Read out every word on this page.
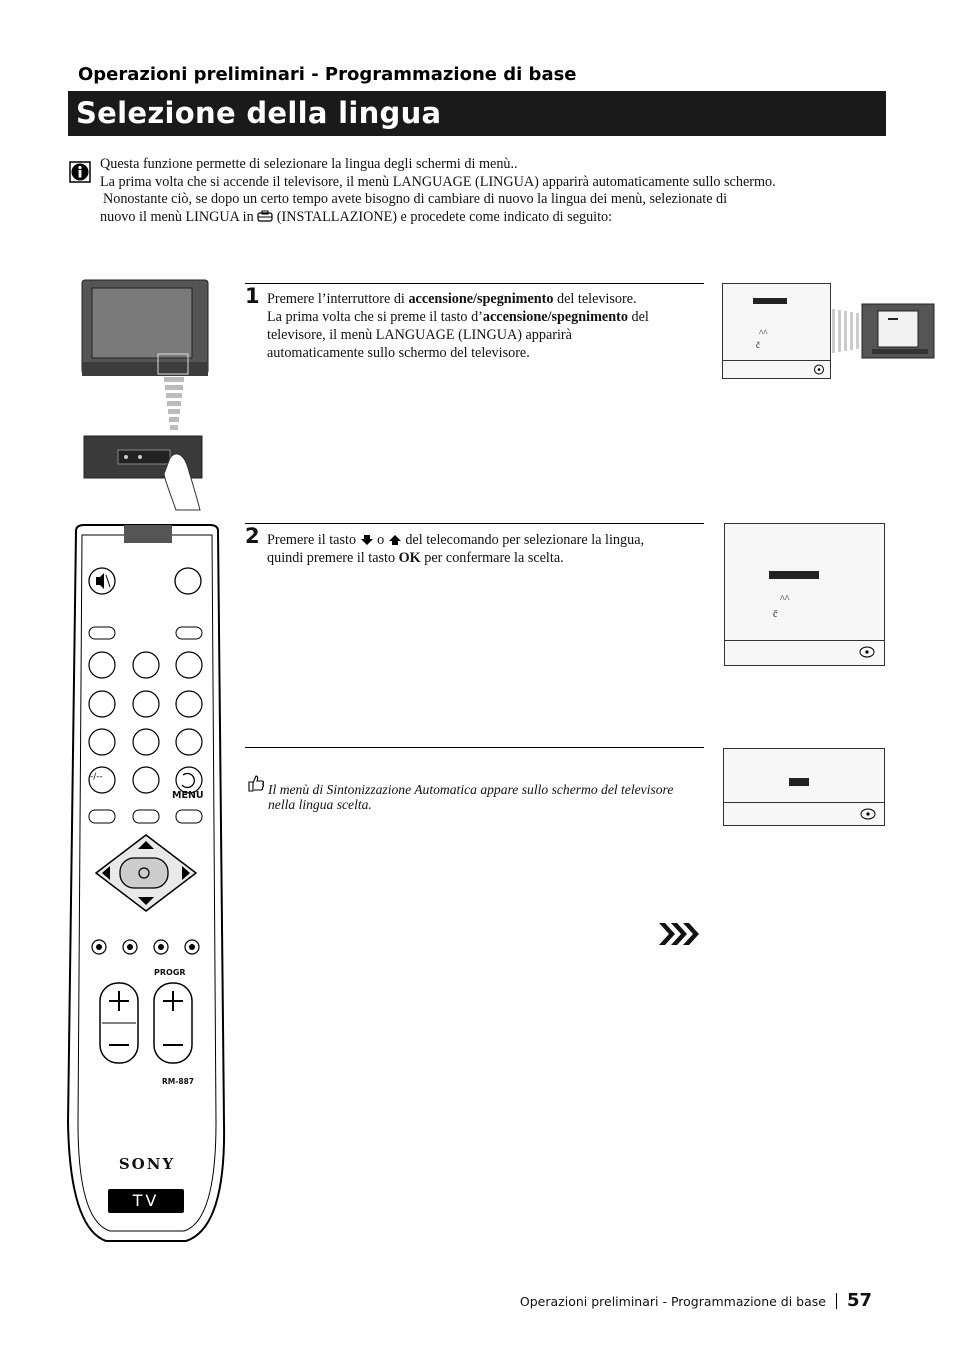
Operazioni preliminari - Programmazione di base
Selezione della lingua
Questa funzione permette di selezionare la lingua degli schermi di menù..
La prima volta che si accende il televisore, il menù LANGUAGE (LINGUA) apparirà automaticamente sullo schermo.
Nonostante ciò, se dopo un certo tempo avete bisogno di cambiare di nuovo la lingua dei menù, selezionate di
nuovo il menù LINGUA in (INSTALLAZIONE) e procedete come indicato di seguito:
1 Premere l’interruttore di accensione/spegnimento del televisore.
La prima volta che si preme il tasto d’accensione/spegnimento del
televisore, il menù LANGUAGE (LINGUA) apparirà
automaticamente sullo schermo del televisore.
^^
č
2 Premere il tasto o del telecomando per selezionare la lingua,
quindi premere il tasto OK per confermare la scelta.
^^
č
Il menù di Sintonizzazione Automatica appare sullo schermo del televisore
nella lingua scelta.
MENU
PROGR
-/--
RM-887
SONY
TV
Operazioni preliminari - Programmazione di base 57
